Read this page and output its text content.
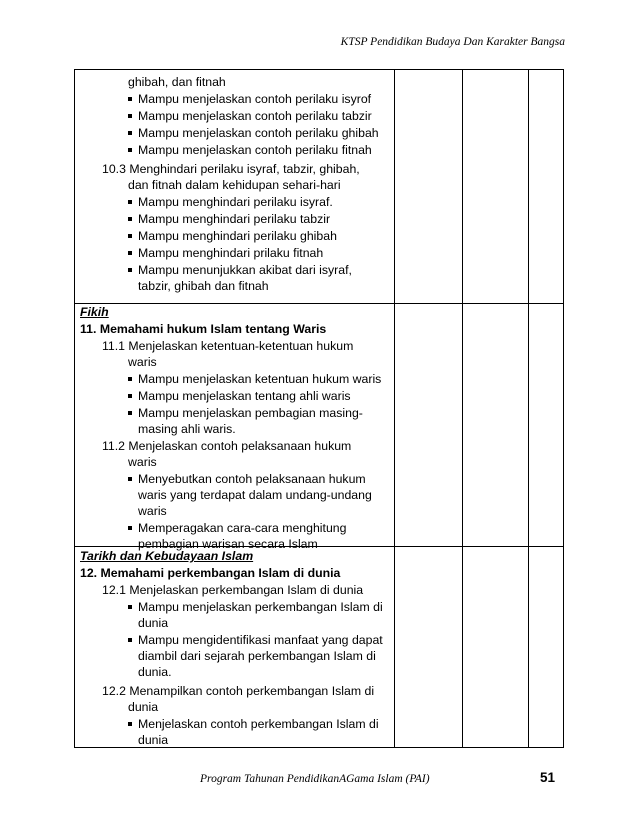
KTSP Pendidikan Budaya Dan Karakter Bangsa
ghibah, dan fitnah
Mampu menjelaskan contoh perilaku isyrof
Mampu menjelaskan contoh perilaku tabzir
Mampu menjelaskan contoh perilaku ghibah
Mampu menjelaskan contoh perilaku fitnah
10.3 Menghindari perilaku isyraf, tabzir, ghibah,
dan fitnah dalam kehidupan sehari-hari
Mampu menghindari perilaku isyraf.
Mampu menghindari perilaku tabzir
Mampu menghindari perilaku ghibah
Mampu menghindari prilaku fitnah
Mampu menunjukkan akibat dari isyraf,
tabzir, ghibah dan fitnah
Fikih
11. Memahami hukum Islam tentang Waris
11.1 Menjelaskan ketentuan-ketentuan hukum
waris
Mampu menjelaskan ketentuan hukum waris
Mampu menjelaskan tentang ahli waris
Mampu menjelaskan pembagian masing-
masing ahli waris.
11.2 Menjelaskan contoh pelaksanaan hukum
waris
Menyebutkan contoh pelaksanaan hukum
waris yang terdapat dalam undang-undang
waris
Memperagakan cara-cara menghitung
pembagian warisan secara Islam
Tarikh dan Kebudayaan Islam
12. Memahami perkembangan Islam di dunia
12.1 Menjelaskan perkembangan Islam di dunia
Mampu menjelaskan perkembangan Islam di
dunia
Mampu mengidentifikasi manfaat yang dapat
diambil dari sejarah perkembangan Islam di
dunia.
12.2 Menampilkan contoh perkembangan Islam di
dunia
Menjelaskan contoh perkembangan Islam di
dunia
Program Tahunan PendidikanAGama Islam (PAI)	51
